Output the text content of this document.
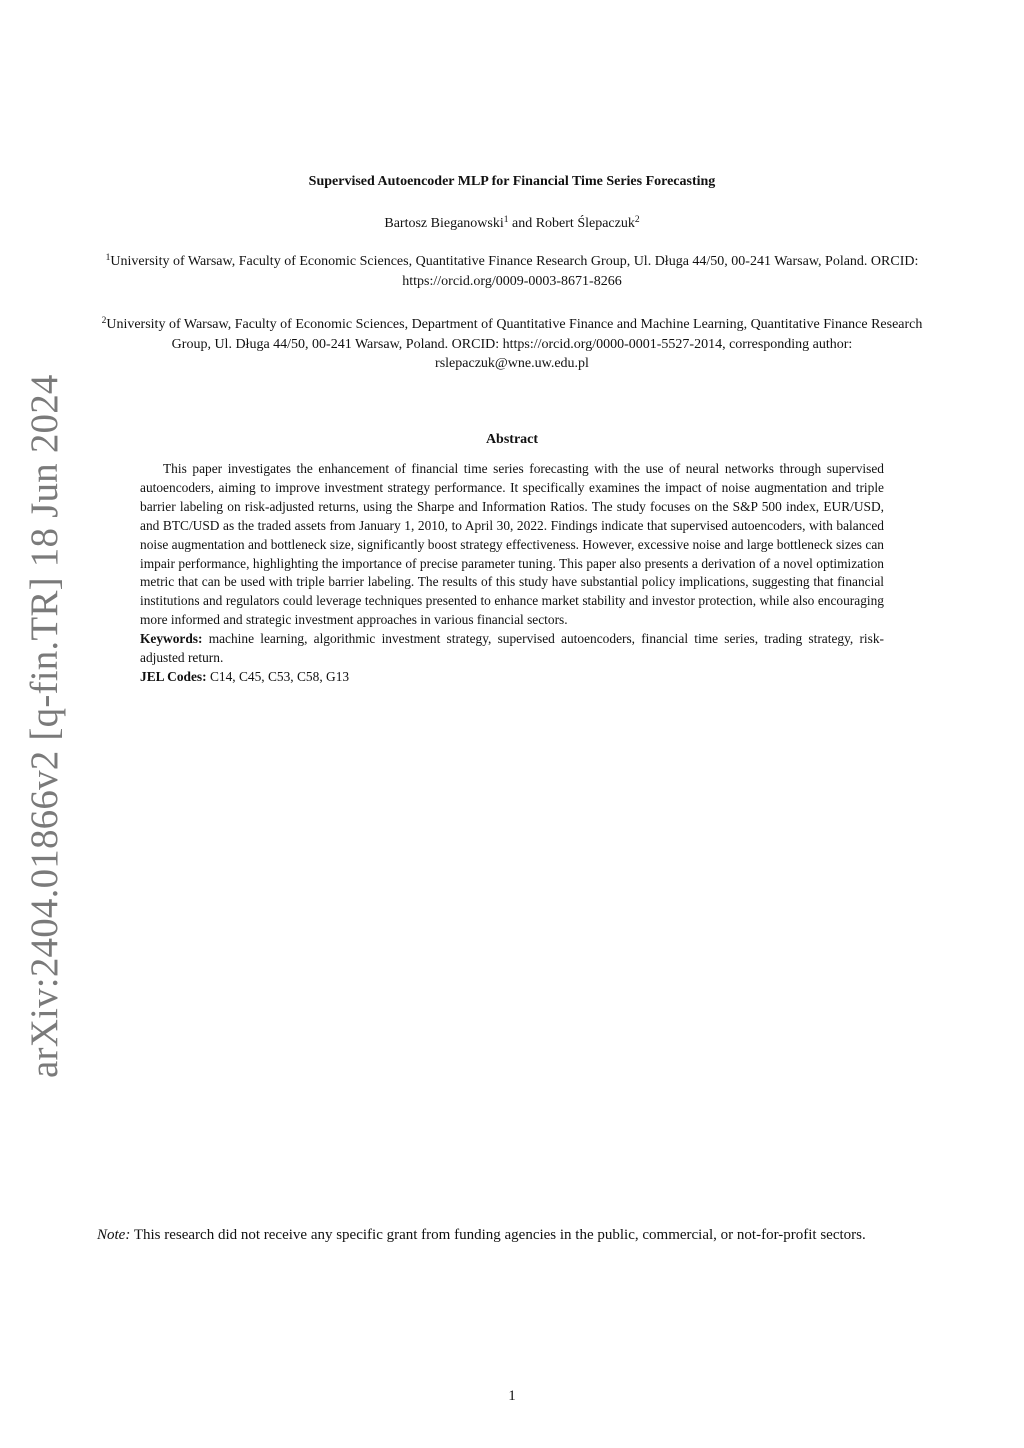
arXiv:2404.01866v2 [q-fin.TR] 18 Jun 2024
Supervised Autoencoder MLP for Financial Time Series Forecasting
Bartosz Bieganowski$^1$ and Robert Ślepaczuk$^2$
$^1$University of Warsaw, Faculty of Economic Sciences, Quantitative Finance Research Group, Ul. Długa 44/50, 00-241 Warsaw, Poland. ORCID: https://orcid.org/0009-0003-8671-8266
$^2$University of Warsaw, Faculty of Economic Sciences, Department of Quantitative Finance and Machine Learning, Quantitative Finance Research Group, Ul. Długa 44/50, 00-241 Warsaw, Poland. ORCID: https://orcid.org/0000-0001-5527-2014, corresponding author: rslepaczuk@wne.uw.edu.pl
Abstract

This paper investigates the enhancement of financial time series forecasting with the use of neural networks through supervised autoencoders, aiming to improve investment strategy performance. It specifically examines the impact of noise augmentation and triple barrier labeling on risk-adjusted returns, using the Sharpe and Information Ratios. The study focuses on the S&P 500 index, EUR/USD, and BTC/USD as the traded assets from January 1, 2010, to April 30, 2022. Findings indicate that supervised autoencoders, with balanced noise augmentation and bottleneck size, significantly boost strategy effectiveness. However, excessive noise and large bottleneck sizes can impair performance, highlighting the importance of precise parameter tuning. This paper also presents a derivation of a novel optimization metric that can be used with triple barrier labeling. The results of this study have substantial policy implications, suggesting that financial institutions and regulators could leverage techniques presented to enhance market stability and investor protection, while also encouraging more informed and strategic investment approaches in various financial sectors.

Keywords: machine learning, algorithmic investment strategy, supervised autoencoders, financial time series, trading strategy, risk-adjusted return.

JEL Codes: C14, C45, C53, C58, G13

Note: This research did not receive any specific grant from funding agencies in the public, commercial, or not-for-profit sectors.
1
